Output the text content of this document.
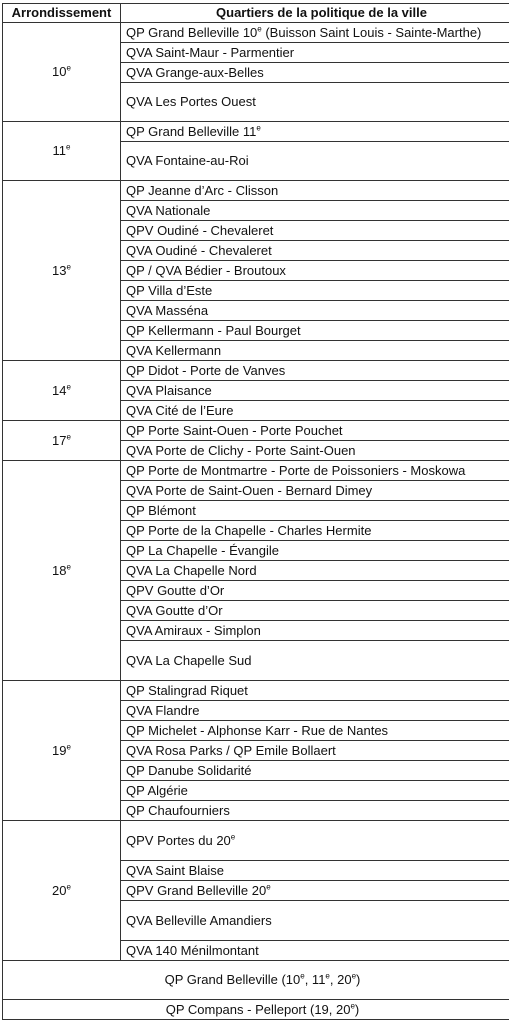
Arrondissement	Quartiers de la politique de la ville
10e	QP Grand Belleville 10e (Buisson Saint Louis - Sainte-Marthe)
	QVA Saint-Maur - Parmentier
	QVA Grange-aux-Belles
	QVA Les Portes Ouest
11e	QP Grand Belleville 11e
	QVA Fontaine-au-Roi
13e	QP Jeanne d’Arc - Clisson
	QVA Nationale
	QPV Oudiné - Chevaleret
	QVA Oudiné - Chevaleret
	QP / QVA Bédier - Broutoux
	QP Villa d’Este
	QVA Masséna
	QP Kellermann - Paul Bourget
	QVA Kellermann
14e	QP Didot - Porte de Vanves
	QVA Plaisance
	QVA Cité de l’Eure
17e	QP Porte Saint-Ouen - Porte Pouchet
	QVA Porte de Clichy - Porte Saint-Ouen
18e	QP Porte de Montmartre - Porte de Poissoniers - Moskowa
	QVA Porte de Saint-Ouen - Bernard Dimey
	QP Blémont
	QP Porte de la Chapelle - Charles Hermite
	QP La Chapelle - Évangile
	QVA La Chapelle Nord
	QPV Goutte d’Or
	QVA Goutte d’Or
	QVA Amiraux - Simplon
	QVA La Chapelle Sud
19e	QP Stalingrad Riquet
	QVA Flandre
	QP Michelet - Alphonse Karr - Rue de Nantes
	QVA Rosa Parks / QP Emile Bollaert
	QP Danube Solidarité
	QP Algérie
	QP Chaufourniers
20e	QPV Portes du 20e
	QVA Saint Blaise
	QPV Grand Belleville 20e
	QVA Belleville Amandiers
	QVA 140 Ménilmontant
QP Grand Belleville (10e, 11e, 20e)	
QP Compans - Pelleport (19, 20e)	
